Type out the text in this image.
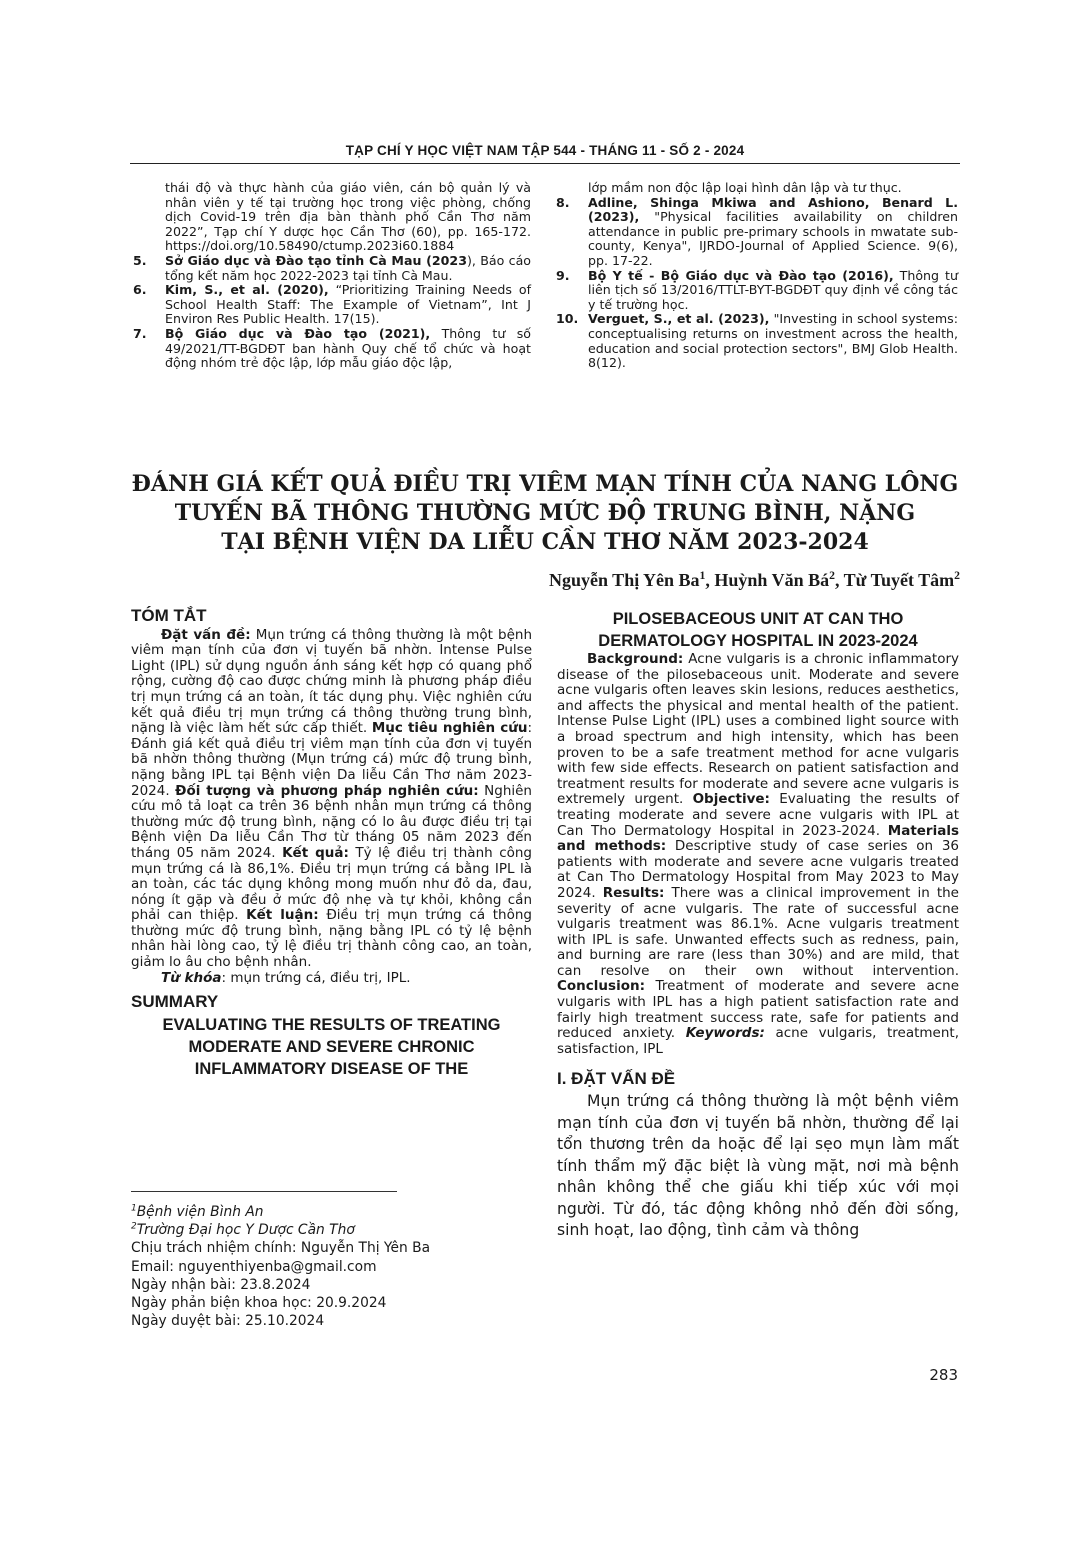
TẠP CHÍ Y HỌC VIỆT NAM TẬP 544 - THÁNG 11 - SỐ 2 - 2024
thái độ và thực hành của giáo viên, cán bộ quản lý và nhân viên y tế tại trường học trong việc phòng, chống dịch Covid-19 trên địa bàn thành phố Cần Thơ năm 2022”, Tạp chí Y dược học Cần Thơ (60), pp. 165-172. https://doi.org/10.58490/ctump.2023i60.1884
5. Sở Giáo dục và Đào tạo tỉnh Cà Mau (2023), Báo cáo tổng kết năm học 2022-2023 tại tỉnh Cà Mau.
6. Kim, S., et al. (2020), “Prioritizing Training Needs of School Health Staff: The Example of Vietnam”, Int J Environ Res Public Health. 17(15).
7. Bộ Giáo dục và Đào tạo (2021), Thông tư số 49/2021/TT-BGDĐT ban hành Quy chế tổ chức và hoạt động nhóm trẻ độc lập, lớp mẫu giáo độc lập,
lớp mầm non độc lập loại hình dân lập và tư thục.
8. Adline, Shinga Mkiwa and Ashiono, Benard L. (2023), "Physical facilities availability on children attendance in public pre-primary schools in mwatate sub-county, Kenya", IJRDO-Journal of Applied Science. 9(6), pp. 17-22.
9. Bộ Y tế - Bộ Giáo dục và Đào tạo (2016), Thông tư liên tịch số 13/2016/TTLT-BYT-BGDĐT quy định về công tác y tế trường học.
10. Verguet, S., et al. (2023), "Investing in school systems: conceptualising returns on investment across the health, education and social protection sectors", BMJ Glob Health. 8(12).
ĐÁNH GIÁ KẾT QUẢ ĐIỀU TRỊ VIÊM MẠN TÍNH CỦA NANG LÔNG
TUYẾN BÃ THÔNG THƯỜNG MỨC ĐỘ TRUNG BÌNH, NẶNG
TẠI BỆNH VIỆN DA LIỄU CẦN THƠ NĂM 2023-2024
Nguyễn Thị Yên Ba$^1$, Huỳnh Văn $Bá^2$, Từ Tuyết Tâm$^2$
TÓM TẮT

Đặt vấn đề: Mụn trứng cá thông thường là một bệnh viêm mạn tính của đơn vị tuyến bã nhờn. Intense Pulse Light (IPL) sử dụng nguồn ánh sáng kết hợp có quang phổ rộng, cường độ cao được chứng minh là phương pháp điều trị mụn trứng cá an toàn, ít tác dụng phụ. Việc nghiên cứu kết quả điều trị mụn trứng cá thông thường trung bình, nặng là việc làm hết sức cấp thiết. Mục tiêu nghiên cứu: Đánh giá kết quả điều trị viêm mạn tính của đơn vị tuyến bã nhờn thông thường (Mụn trứng cá) mức độ trung bình, nặng bằng IPL tại Bệnh viện Da liễu Cần Thơ năm 2023-2024. Đối tượng và phương pháp nghiên cứu: Nghiên cứu mô tả loạt ca trên 36 bệnh nhân mụn trứng cá thông thường mức độ trung bình, nặng có lo âu được điều trị tại Bệnh viện Da liễu Cần Thơ từ tháng 05 năm 2023 đến tháng 05 năm 2024. Kết quả: Tỷ lệ điều trị thành công mụn trứng cá là 86,1%. Điều trị mụn trứng cá bằng IPL là an toàn, các tác dụng không mong muốn như đỏ da, đau, nóng ít gặp và đều ở mức độ nhẹ và tự khỏi, không cần phải can thiệp. Kết luận: Điều trị mụn trứng cá thông thường mức độ trung bình, nặng bằng IPL có tỷ lệ bệnh nhân hài lòng cao, tỷ lệ điều trị thành công cao, an toàn, giảm lo âu cho bệnh nhân.

Từ khóa: mụn trứng cá, điều trị, IPL.

SUMMARY
EVALUATING THE RESULTS OF TREATING
MODERATE AND SEVERE CHRONIC
INFLAMMATORY DISEASE OF THE
PILOSEBACEOUS UNIT AT CAN THO
DERMATOLOGY HOSPITAL IN 2023-2024

Background: Acne vulgaris is a chronic inflammatory disease of the pilosebaceous unit. Moderate and severe acne vulgaris often leaves skin lesions, reduces aesthetics, and affects the physical and mental health of the patient. Intense Pulse Light (IPL) uses a combined light source with a broad spectrum and high intensity, which has been proven to be a safe treatment method for acne vulgaris with few side effects. Research on patient satisfaction and treatment results for moderate and severe acne vulgaris is extremely urgent. Objective: Evaluating the results of treating moderate and severe acne vulgaris with IPL at Can Tho Dermatology Hospital in 2023-2024. Materials and methods: Descriptive study of case series on 36 patients with moderate and severe acne vulgaris treated at Can Tho Dermatology Hospital from May 2023 to May 2024. Results: There was a clinical improvement in the severity of acne vulgaris. The rate of successful acne vulgaris treatment was 86.1%. Acne vulgaris treatment with IPL is safe. Unwanted effects such as redness, pain, and burning are rare (less than 30%) and are mild, that can resolve on their own without intervention. Conclusion: Treatment of moderate and severe acne vulgaris with IPL has a high patient satisfaction rate and fairly high treatment success rate, safe for patients and reduced anxiety. Keywords: acne vulgaris, treatment, satisfaction, IPL

I. ĐẶT VẤN ĐỀ

Mụn trứng cá thông thường là một bệnh viêm mạn tính của đơn vị tuyến bã nhờn, thường để lại tổn thương trên da hoặc để lại sẹo mụn làm mất tính thẩm mỹ đặc biệt là vùng mặt, nơi mà bệnh nhân không thể che giấu khi tiếp xúc với mọi người. Từ đó, tác động không nhỏ đến đời sống, sinh hoạt, lao động, tình cảm và thông

$^1$Bệnh viện Bình An
$^2$Trường Đại học Y Dược Cần Thơ
Chịu trách nhiệm chính: Nguyễn Thị Yên Ba
Email: nguyenthiyenba@gmail.com
Ngày nhận bài: 23.8.2024
Ngày phản biện khoa học: 20.9.2024
Ngày duyệt bài: 25.10.2024
283
